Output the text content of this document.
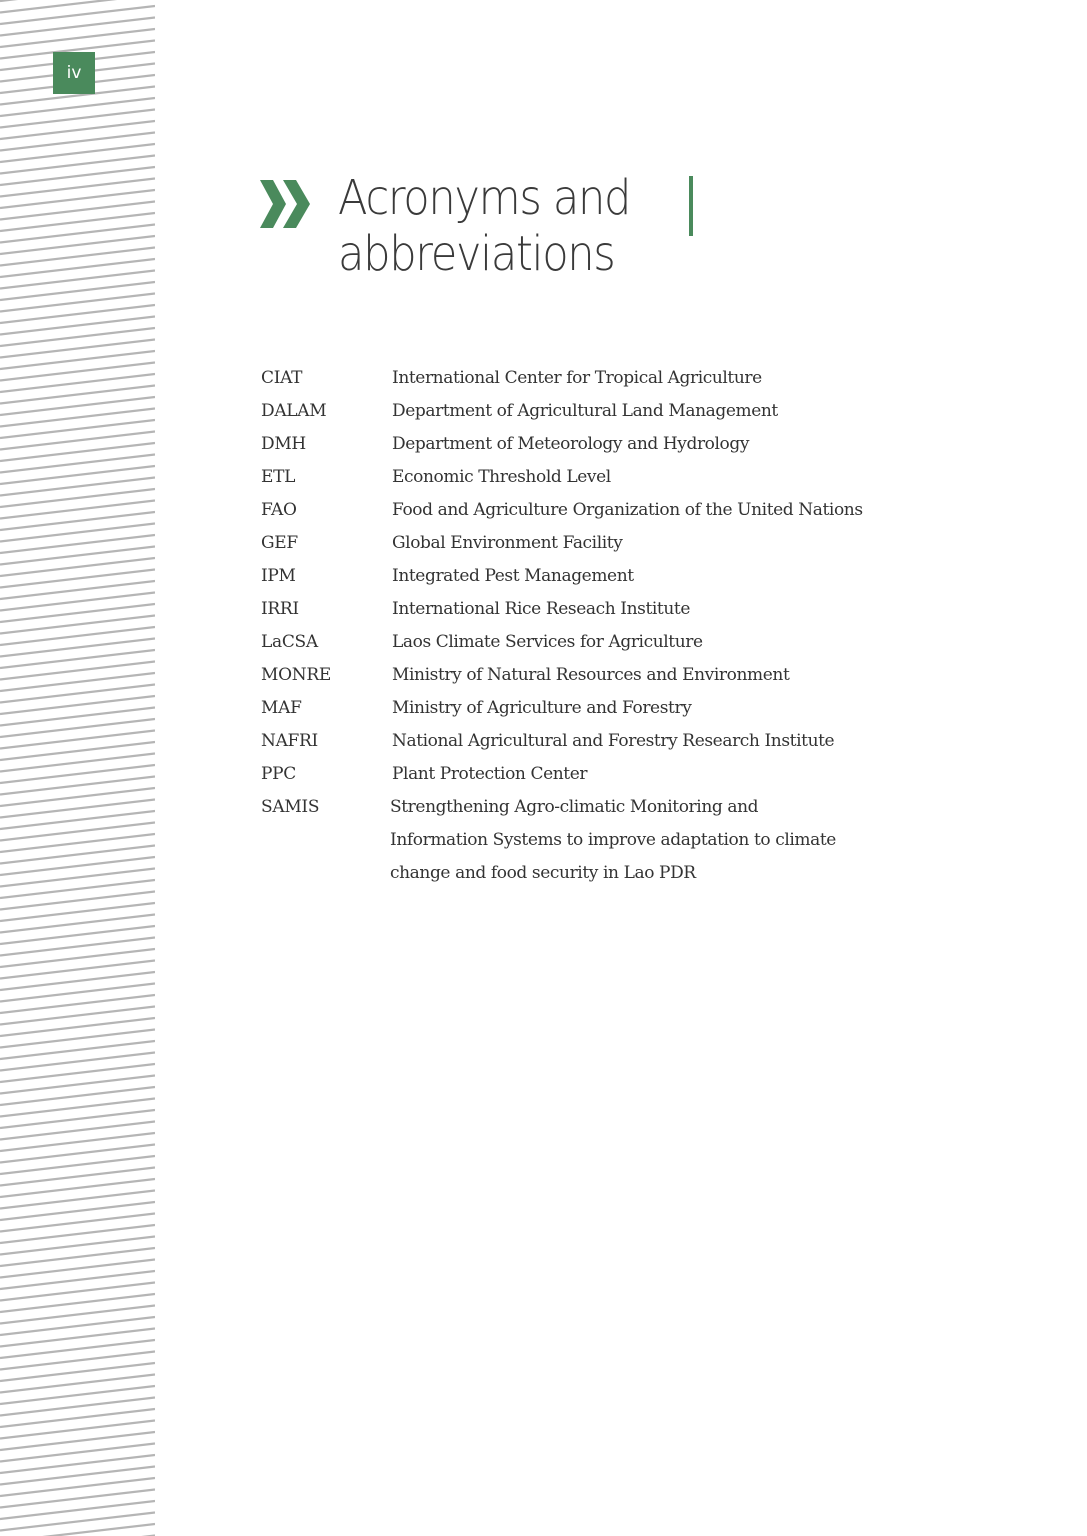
iv
Acronyms and
abbreviations
CIAT	International Center for Tropical Agriculture
DALAM	Department of Agricultural Land Management
DMH	Department of Meteorology and Hydrology
ETL	Economic Threshold Level
FAO	Food and Agriculture Organization of the United Nations
GEF	Global Environment Facility
IPM	Integrated Pest Management
IRRI	International Rice Reseach Institute
LaCSA	Laos Climate Services for Agriculture
MONRE	Ministry of Natural Resources and Environment
MAF	Ministry of Agriculture and Forestry
NAFRI	National Agricultural and Forestry Research Institute
PPC	Plant Protection Center
SAMIS	Strengthening Agro-climatic Monitoring and Information Systems to improve adaptation to climate change and food security in Lao PDR
